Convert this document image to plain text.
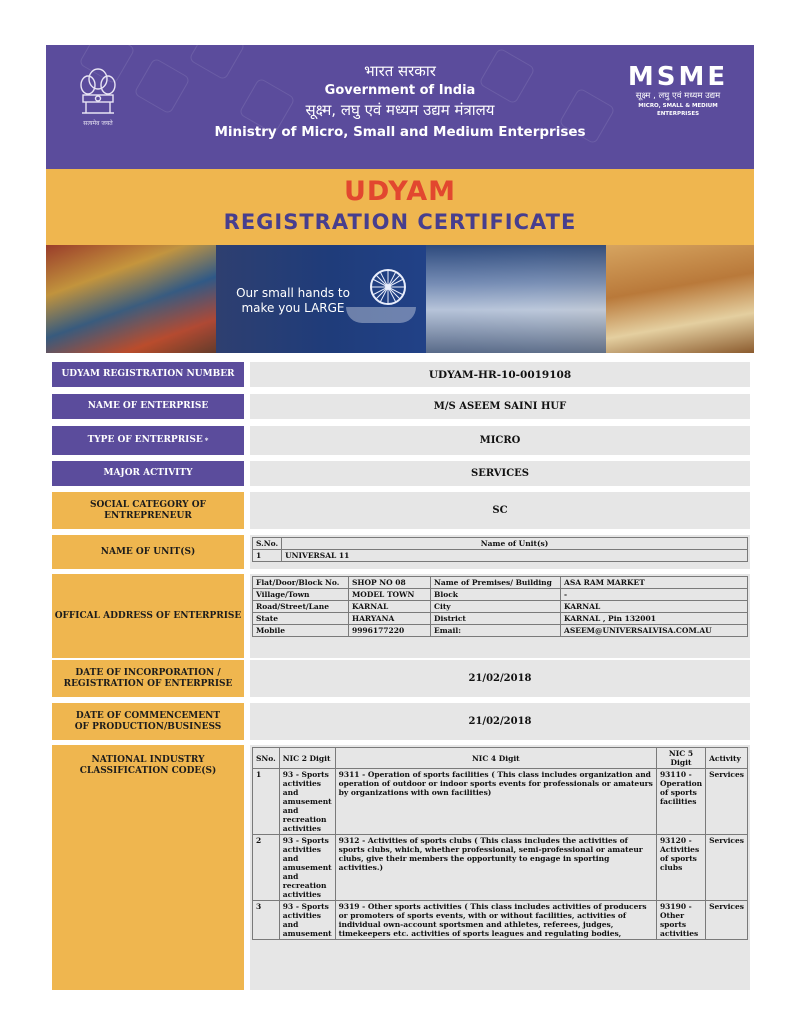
सत्यमेव जयते
भारत सरकार
Government of India
सूक्ष्म, लघु एवं मध्यम उद्यम मंत्रालय
Ministry of Micro, Small and Medium Enterprises
MSME
सूक्ष्म , लघु एवं मध्यम उद्यम
MICRO, SMALL & MEDIUM ENTERPRISES
UDYAM
REGISTRATION CERTIFICATE
Our small hands to make you LARGE
UDYAM REGISTRATION NUMBER	UDYAM-HR-10-0019108
NAME OF ENTERPRISE	M/S ASEEM SAINI HUF
TYPE OF ENTERPRISE *	MICRO
MAJOR ACTIVITY	SERVICES
SOCIAL CATEGORY OF ENTREPRENEUR	SC
NAME OF UNIT(S)
S.No.	Name of Unit(s)
1	UNIVERSAL 11
OFFICAL ADDRESS OF ENTERPRISE
Flat/Door/Block No.	SHOP NO 08	Name of Premises/ Building	ASA RAM MARKET
Village/Town	MODEL TOWN	Block	-
Road/Street/Lane	KARNAL	City	KARNAL
State	HARYANA	District	KARNAL , Pin 132001
Mobile	9996177220	Email:	ASEEM@UNIVERSALVISA.COM.AU
DATE OF INCORPORATION / REGISTRATION OF ENTERPRISE	21/02/2018
DATE OF COMMENCEMENT OF PRODUCTION/BUSINESS	21/02/2018
NATIONAL INDUSTRY CLASSIFICATION CODE(S)
SNo.	NIC 2 Digit	NIC 4 Digit	NIC 5 Digit	Activity
1	93 - Sports activities and amusement and recreation activities	9311 - Operation of sports facilities ( This class includes organization and operation of outdoor or indoor sports events for professionals or amateurs by organizations with own facilities)	93110 - Operation of sports facilities	Services
2	93 - Sports activities and amusement and recreation activities	9312 - Activities of sports clubs ( This class includes the activities of sports clubs, which, whether professional, semi-professional or amateur clubs, give their members the opportunity to engage in sporting activities.)	93120 - Activities of sports clubs	Services
3	93 - Sports activities and amusement	9319 - Other sports activities ( This class includes activities of producers or promoters of sports events, with or without facilities, activities of individual own-account sportsmen and athletes, referees, judges, timekeepers etc. activities of sports leagues and regulating bodies,	93190 - Other sports activities	Services
